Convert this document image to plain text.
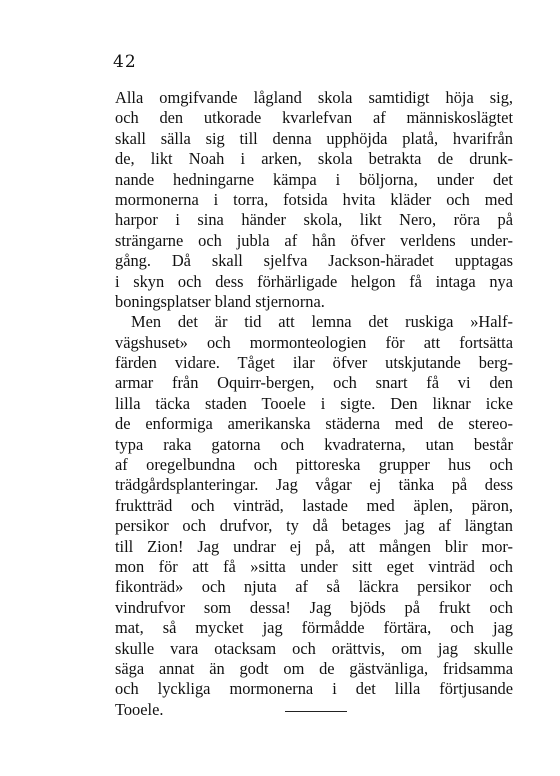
42
Alla omgifvande lågland skola samtidigt höja sig,
och den utkorade kvarlefvan af människoslägtet
skall sälla sig till denna upphöjda platå, hvarifrån
de, likt Noah i arken, skola betrakta de drunk-
nande hedningarne kämpa i böljorna, under det
mormonerna i torra, fotsida hvita kläder och med
harpor i sina händer skola, likt Nero, röra på
strängarne och jubla af hån öfver verldens under-
gång. Då skall sjelfva Jackson-häradet upptagas
i skyn och dess förhärligade helgon få intaga nya
boningsplatser bland stjernorna.
Men det är tid att lemna det ruskiga »Half-
vägshuset» och mormonteologien för att fortsätta
färden vidare. Tåget ilar öfver utskjutande berg-
armar från Oquirr-bergen, och snart få vi den
lilla täcka staden Tooele i sigte. Den liknar icke
de enformiga amerikanska städerna med de stereo-
typa raka gatorna och kvadraterna, utan består
af oregelbundna och pittoreska grupper hus och
trädgårdsplanteringar. Jag vågar ej tänka på dess
fruktträd och vinträd, lastade med äplen, päron,
persikor och drufvor, ty då betages jag af längtan
till Zion! Jag undrar ej på, att mången blir mor-
mon för att få »sitta under sitt eget vinträd och
fikonträd» och njuta af så läckra persikor och
vindrufvor som dessa! Jag bjöds på frukt och
mat, så mycket jag förmådde förtära, och jag
skulle vara otacksam och orättvis, om jag skulle
säga annat än godt om de gästvänliga, fridsamma
och lyckliga mormonerna i det lilla förtjusande
Tooele.
